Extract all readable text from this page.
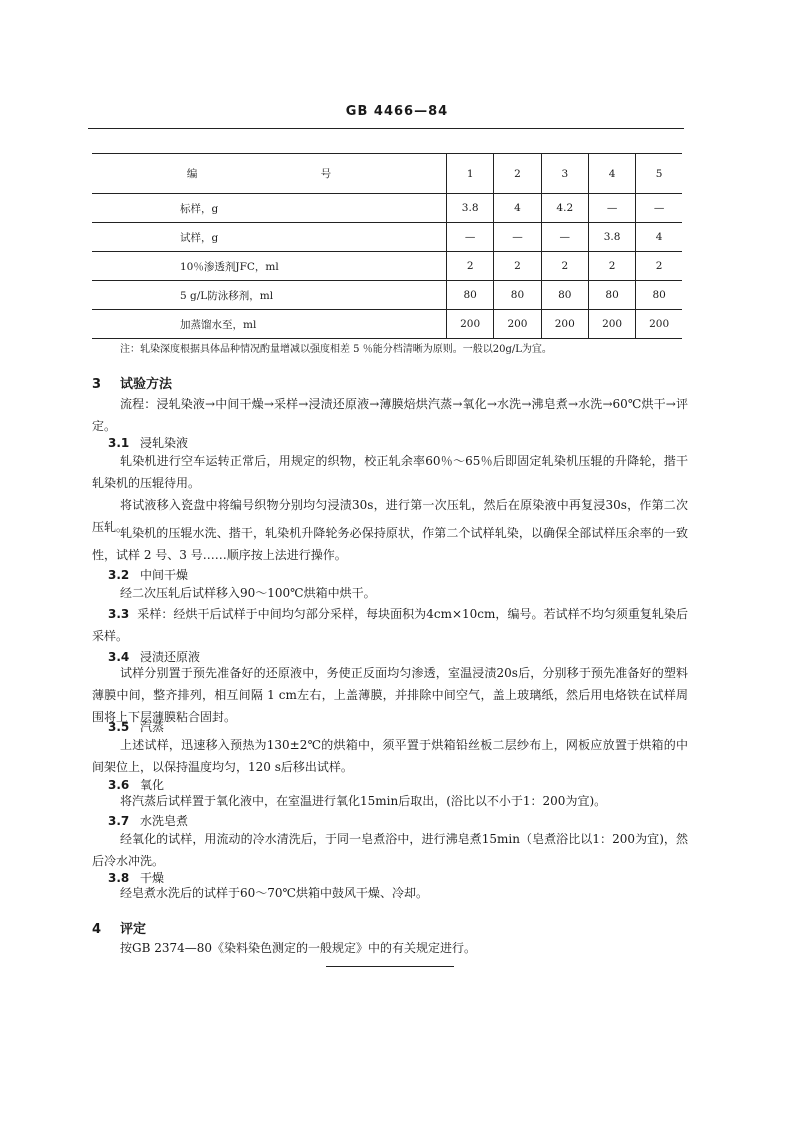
GB 4466—84
编 号	1	2	3	4	5
标样，g	3.8	4	4.2	—	—
试样，g	—	—	—	3.8	4
10％渗透剂JFC，ml	2	2	2	2	2
5 g/L防泳移剂，ml	80	80	80	80	80
加蒸馏水至，ml	200	200	200	200	200
注：轧染深度根据具体品种情况酌量增减以强度相差 5 ％能分档清晰为原则。一般以20g/L为宜。
3 试验方法
流程：浸轧染液→中间干燥→采样→浸渍还原液→薄膜焙烘汽蒸→氧化→水洗→沸皂煮→水洗→60℃烘干→评定。
3.1 浸轧染液
轧染机进行空车运转正常后，用规定的织物，校正轧余率60％～65％后即固定轧染机压辊的升降轮，揩干轧染机的压辊待用。
将试液移入瓷盘中将编号织物分别均匀浸渍30s，进行第一次压轧，然后在原染液中再复浸30s，作第二次压轧。
轧染机的压辊水洗、揩干，轧染机升降轮务必保持原状，作第二个试样轧染，以确保全部试样压余率的一致性，试样 2 号、3 号……顺序按上法进行操作。
3.2 中间干燥
经二次压轧后试样移入90～100℃烘箱中烘干。
3.3 采样：经烘干后试样于中间均匀部分采样，每块面积为4cm×10cm，编号。若试样不均匀须重复轧染后采样。
3.4 浸渍还原液
试样分别置于预先准备好的还原液中，务使正反面均匀渗透，室温浸渍20s后，分别移于预先准备好的塑料薄膜中间，整齐排列，相互间隔 1 cm左右，上盖薄膜，并排除中间空气，盖上玻璃纸，然后用电烙铁在试样周围将上下层薄膜粘合固封。
3.5 汽蒸
上述试样，迅速移入预热为130±2℃的烘箱中，须平置于烘箱铅丝板二层纱布上，网板应放置于烘箱的中间架位上，以保持温度均匀，120 s后移出试样。
3.6 氧化
将汽蒸后试样置于氧化液中，在室温进行氧化15min后取出，(浴比以不小于1：200为宜)。
3.7 水洗皂煮
经氧化的试样，用流动的冷水清洗后，于同一皂煮浴中，进行沸皂煮15min（皂煮浴比以1：200为宜)，然后冷水冲洗。
3.8 干燥
经皂煮水洗后的试样于60～70℃烘箱中鼓风干燥、冷却。
4 评定
按GB 2374—80《染料染色测定的一般规定》中的有关规定进行。
